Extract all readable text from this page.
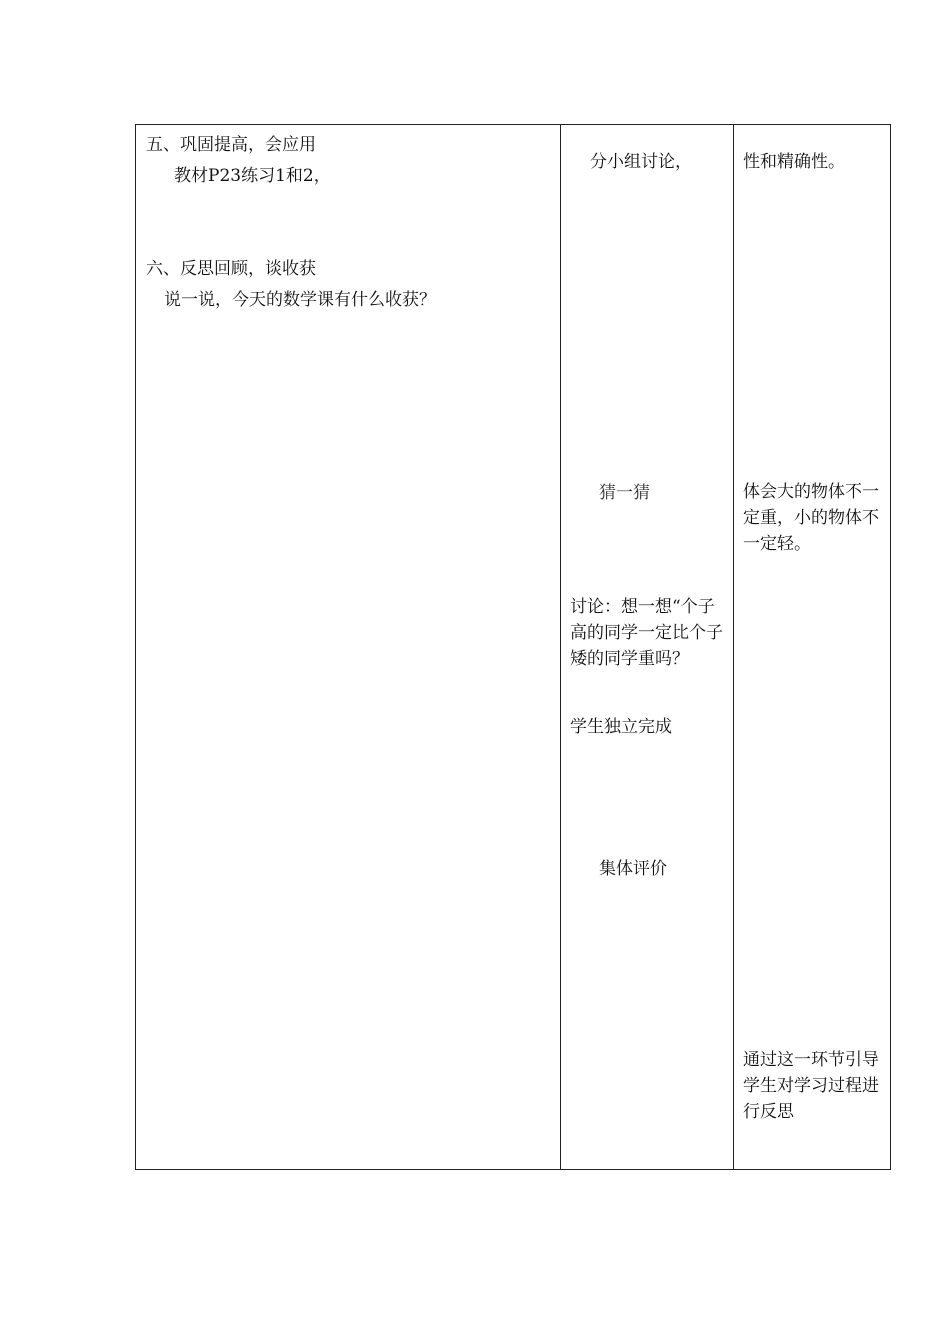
五、巩固提高，会应用
教材P23练习1和2，
六、反思回顾，谈收获
说一说，今天的数学课有什么收获？
分小组讨论，
猜一猜
讨论：想一想“个子高的同学一定比个子矮的同学重吗？
学生独立完成
集体评价
性和精确性。
体会大的物体不一定重，小的物体不一定轻。
通过这一环节引导学生对学习过程进行反思
